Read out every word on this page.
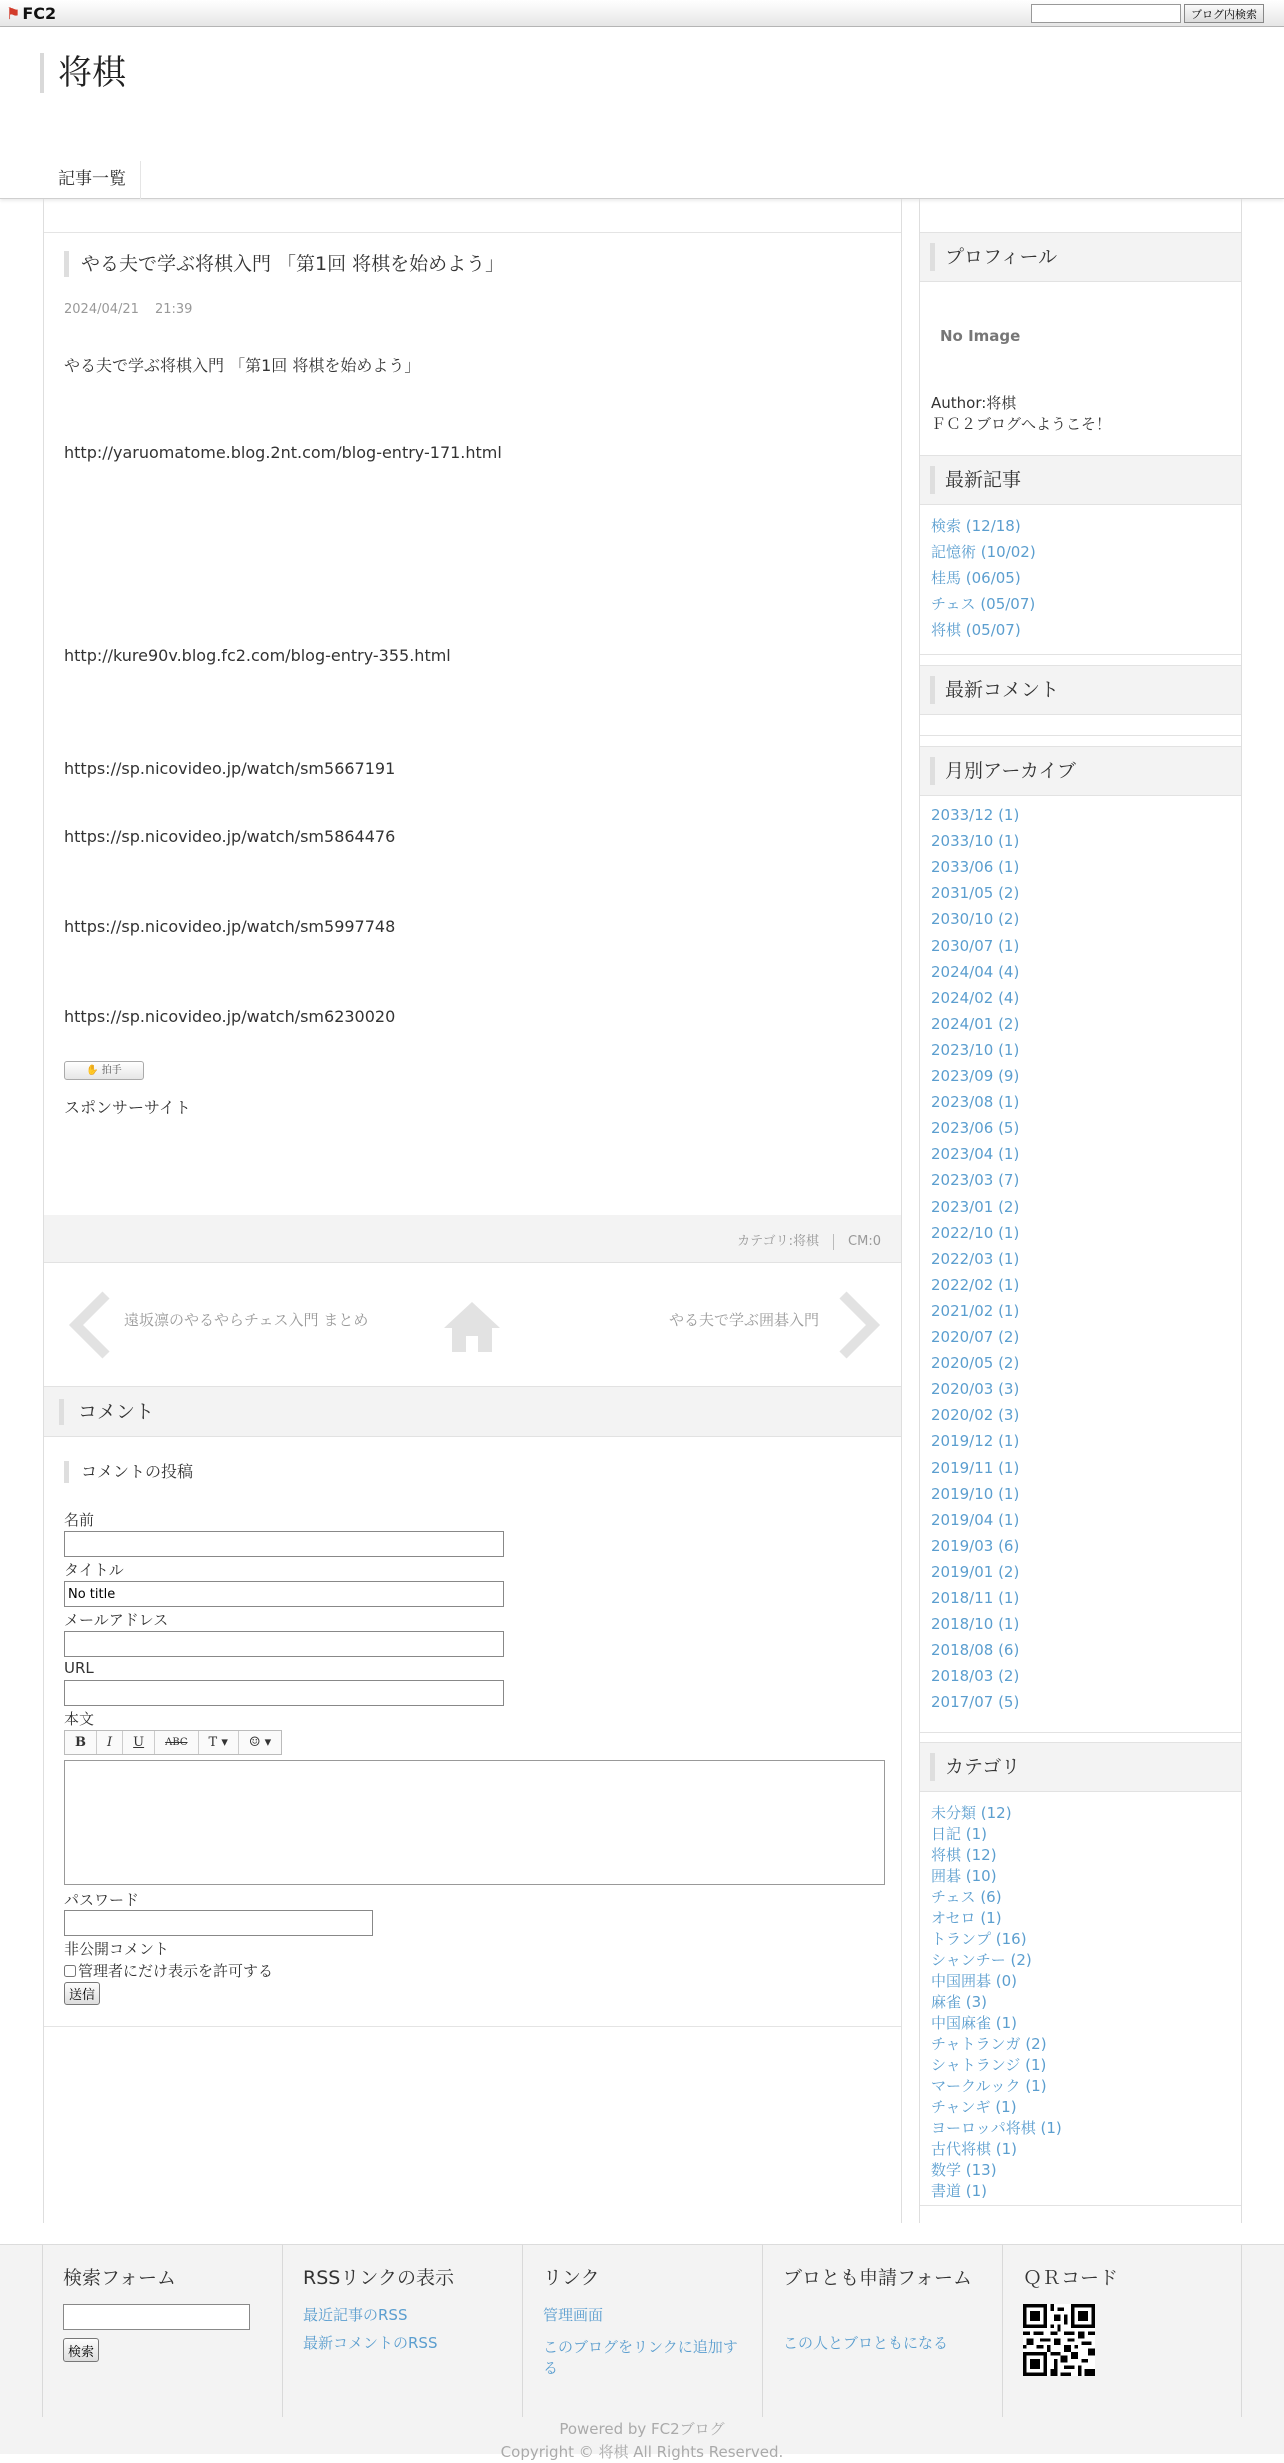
⚑ FC2	ブログ内検索
将棋
記事一覧
やる夫で学ぶ将棋入門 「第1回 将棋を始めよう」
2024/04/21 21:39
やる夫で学ぶ将棋入門 「第1回 将棋を始めよう」
http://yaruomatome.blog.2nt.com/blog-entry-171.html
http://kure90v.blog.fc2.com/blog-entry-355.html
https://sp.nicovideo.jp/watch/sm5667191
https://sp.nicovideo.jp/watch/sm5864476
https://sp.nicovideo.jp/watch/sm5997748
https://sp.nicovideo.jp/watch/sm6230020
✋ 拍手
スポンサーサイト
カテゴリ:将棋 CM:0
遠坂凛のやるやらチェス入門 まとめ	やる夫で学ぶ囲碁入門
コメント
コメントの投稿
名前
タイトル
No title
メールアドレス
URL
本文
B	I	U	ABC	T ▾	☺ ▾
パスワード
非公開コメント
管理者にだけ表示を許可する
送信
プロフィール
No Image
Author:将棋
ＦＣ２ブログへようこそ！
最新記事
検索 (12/18)
記憶術 (10/02)
桂馬 (06/05)
チェス (05/07)
将棋 (05/07)
最新コメント
月別アーカイブ
2033/12 (1)
2033/10 (1)
2033/06 (1)
2031/05 (2)
2030/10 (2)
2030/07 (1)
2024/04 (4)
2024/02 (4)
2024/01 (2)
2023/10 (1)
2023/09 (9)
2023/08 (1)
2023/06 (5)
2023/04 (1)
2023/03 (7)
2023/01 (2)
2022/10 (1)
2022/03 (1)
2022/02 (1)
2021/02 (1)
2020/07 (2)
2020/05 (2)
2020/03 (3)
2020/02 (3)
2019/12 (1)
2019/11 (1)
2019/10 (1)
2019/04 (1)
2019/03 (6)
2019/01 (2)
2018/11 (1)
2018/10 (1)
2018/08 (6)
2018/03 (2)
2017/07 (5)
カテゴリ
未分類 (12)
日記 (1)
将棋 (12)
囲碁 (10)
チェス (6)
オセロ (1)
トランプ (16)
シャンチー (2)
中国囲碁 (0)
麻雀 (3)
中国麻雀 (1)
チャトランガ (2)
シャトランジ (1)
マークルック (1)
チャンギ (1)
ヨーロッパ将棋 (1)
古代将棋 (1)
数学 (13)
書道 (1)
検索フォーム
検索
RSSリンクの表示
最近記事のRSS
最新コメントのRSS
リンク
管理画面
このブログをリンクに追加する
ブロとも申請フォーム
この人とブロともになる
ＱＲコード
Powered by FC2ブログ
Copyright © 将棋 All Rights Reserved.
